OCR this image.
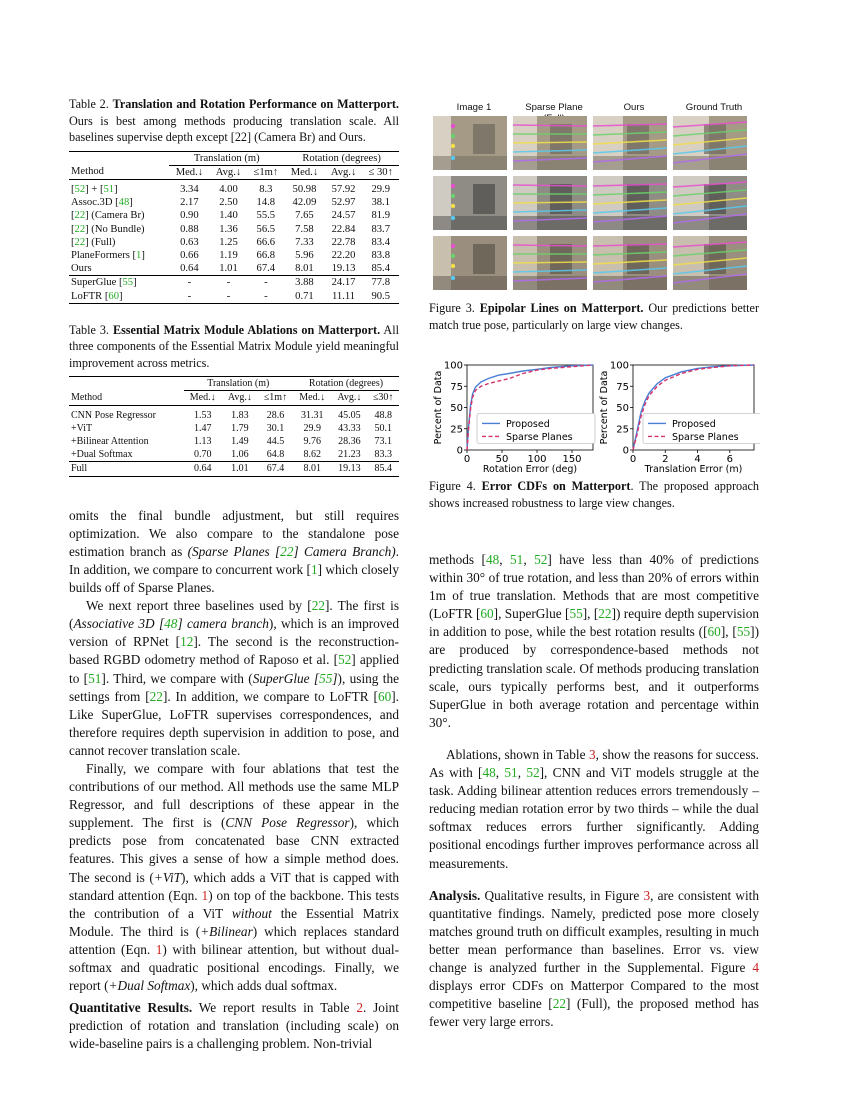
Table 2. Translation and Rotation Performance on Matterport. Ours is best among methods producing translation scale. All baselines supervise depth except [22] (Camera Br) and Ours.
	Translation (m)			Rotation (degrees)		
Method	Med.↓	Avg.↓	≤1m↑	Med.↓	Avg.↓	≤ 30↑
[52] + [51]	3.34	4.00	8.3	50.98	57.92	29.9
Assoc.3D [48]	2.17	2.50	14.8	42.09	52.97	38.1
[22] (Camera Br)	0.90	1.40	55.5	7.65	24.57	81.9
[22] (No Bundle)	0.88	1.36	56.5	7.58	22.84	83.7
[22] (Full)	0.63	1.25	66.6	7.33	22.78	83.4
PlaneFormers [1]	0.66	1.19	66.8	5.96	22.20	83.8
Ours	0.64	1.01	67.4	8.01	19.13	85.4
SuperGlue [55]	-	-	-	3.88	24.17	77.8
LoFTR [60]	-	-	-	0.71	11.11	90.5
Table 3. Essential Matrix Module Ablations on Matterport. All three components of the Essential Matrix Module yield meaningful improvement across metrics.
	Translation (m)			Rotation (degrees)		
Method	Med.↓	Avg.↓	≤1m↑	Med.↓	Avg.↓	≤30↑
CNN Pose Regressor	1.53	1.83	28.6	31.31	45.05	48.8
+ViT	1.47	1.79	30.1	29.9	43.33	50.1
+Bilinear Attention	1.13	1.49	44.5	9.76	28.36	73.1
+Dual Softmax	0.70	1.06	64.8	8.62	21.23	83.3
Full	0.64	1.01	67.4	8.01	19.13	85.4

omits the final bundle adjustment, but still requires optimization. We also compare to the standalone pose estimation branch as (Sparse Planes [22] Camera Branch). In addition, we compare to concurrent work [1] which closely builds off of Sparse Planes.

We next report three baselines used by [22]. The first is (Associative 3D [48] camera branch), which is an improved version of RPNet [12]. The second is the reconstruction-based RGBD odometry method of Raposo et al. [52] applied to [51]. Third, we compare with (SuperGlue [55]), using the settings from [22]. In addition, we compare to LoFTR [60]. Like SuperGlue, LoFTR supervises correspondences, and therefore requires depth supervision in addition to pose, and cannot recover translation scale.

Finally, we compare with four ablations that test the contributions of our method. All methods use the same MLP Regressor, and full descriptions of these appear in the supplement. The first is (CNN Pose Regressor), which predicts pose from concatenated base CNN extracted features. This gives a sense of how a simple method does. The second is (+ViT), which adds a ViT that is capped with standard attention (Eqn. 1) on top of the backbone. This tests the contribution of a ViT without the Essential Matrix Module. The third is (+Bilinear) which replaces standard attention (Eqn. 1) with bilinear attention, but without dual-softmax and quadratic positional encodings. Finally, we report (+Dual Softmax), which adds dual softmax.

Quantitative Results. We report results in Table 2. Joint prediction of rotation and translation (including scale) on wide-baseline pairs is a challenging problem. Non-trivial

Image 1	Sparse Plane	Ours	Ground Truth
Figure 3. Epipolar Lines on Matterport. Our predictions better match true pose, particularly on large view changes.
0
25
50
75
100
0	50 100 150
Rotation Error (deg)
Percent of Data	Proposed
Sparse Planes
0
25
50
75
100
0	2	4	6
Translation Error (m)
Percent of Data	Proposed
Sparse Planes
Figure 4. Error CDFs on Matterport. The proposed approach shows increased robustness to large view changes.

methods [48, 51, 52] have less than 40% of predictions within 30° of true rotation, and less than 20% of errors within 1m of true translation. Methods that are most competitive (LoFTR [60], SuperGlue [55], [22]) require depth supervision in addition to pose, while the best rotation results ([60], [55]) are produced by correspondence-based methods not predicting translation scale. Of methods producing translation scale, ours typically performs best, and it outperforms SuperGlue in both average rotation and percentage within 30°.

Ablations, shown in Table 3, show the reasons for success. As with [48, 51, 52], CNN and ViT models struggle at the task. Adding bilinear attention reduces errors tremendously – reducing median rotation error by two thirds – while the dual softmax reduces errors further significantly. Adding positional encodings further improves performance across all measurements.

Analysis. Qualitative results, in Figure 3, are consistent with quantitative findings. Namely, predicted pose more closely matches ground truth on difficult examples, resulting in much better mean performance than baselines. Error vs. view change is analyzed further in the Supplemental. Figure 4 displays error CDFs on Matterpor Compared to the most competitive baseline [22] (Full), the proposed method has fewer very large errors.
